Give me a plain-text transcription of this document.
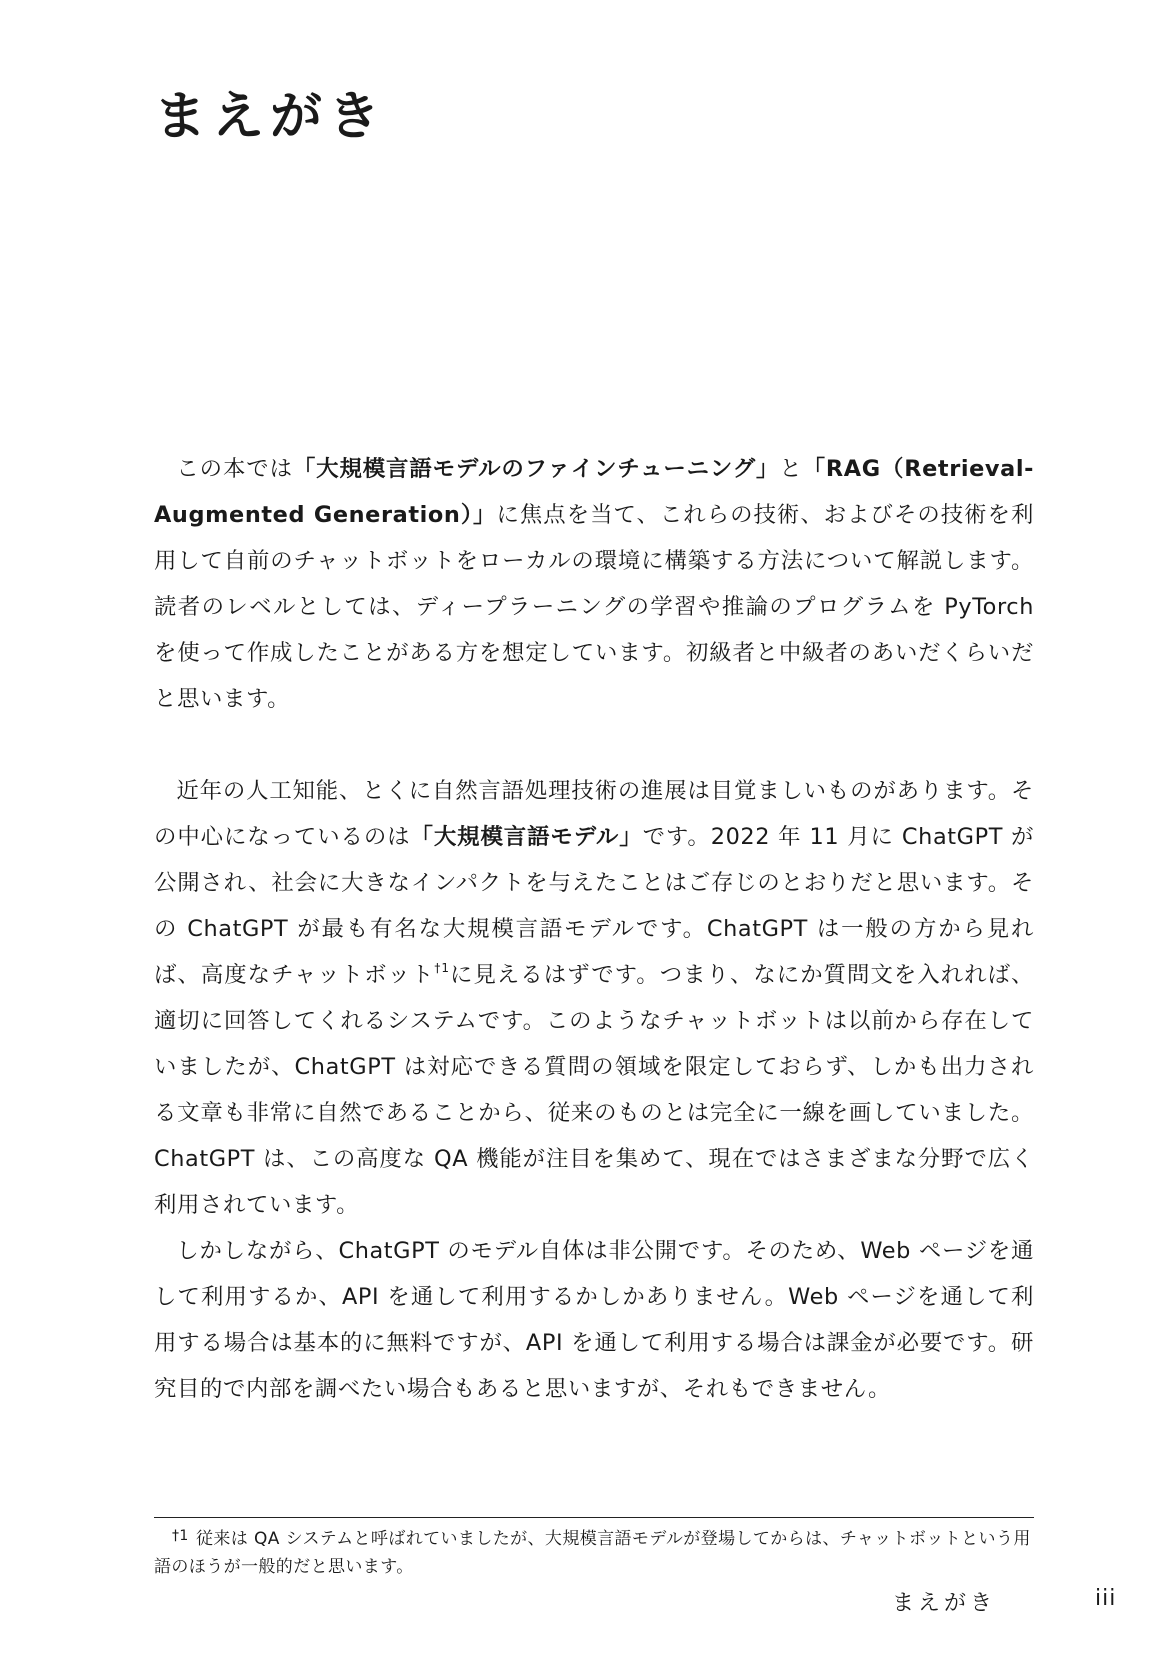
まえがき

この本では「大規模言語モデルのファインチューニング」と「RAG（Retrieval-Augmented Generation）」に焦点を当て、これらの技術、およびその技術を利用して自前のチャットボットをローカルの環境に構築する方法について解説します。読者のレベルとしては、ディープラーニングの学習や推論のプログラムを PyTorch を使って作成したことがある方を想定しています。初級者と中級者のあいだくらいだと思います。

近年の人工知能、とくに自然言語処理技術の進展は目覚ましいものがあります。その中心になっているのは「大規模言語モデル」です。2022 年 11 月に ChatGPT が公開され、社会に大きなインパクトを与えたことはご存じのとおりだと思います。その ChatGPT が最も有名な大規模言語モデルです。ChatGPT は一般の方から見れば、高度なチャットボット$^{\dagger 1}$に見えるはずです。つまり、なにか質問文を入れれば、適切に回答してくれるシステムです。このようなチャットボットは以前から存在していましたが、ChatGPT は対応できる質問の領域を限定しておらず、しかも出力される文章も非常に自然であることから、従来のものとは完全に一線を画していました。ChatGPT は、この高度な QA 機能が注目を集めて、現在ではさまざまな分野で広く利用されています。

しかしながら、ChatGPT のモデル自体は非公開です。そのため、Web ページを通して利用するか、API を通して利用するかしかありません。Web ページを通して利用する場合は基本的に無料ですが、API を通して利用する場合は課金が必要です。研究目的で内部を調べたい場合もあると思いますが、それもできません。

†1 従来は QA システムと呼ばれていましたが、大規模言語モデルが登場してからは、チャットボットという用語のほうが一般的だと思います。
まえがき	iii
